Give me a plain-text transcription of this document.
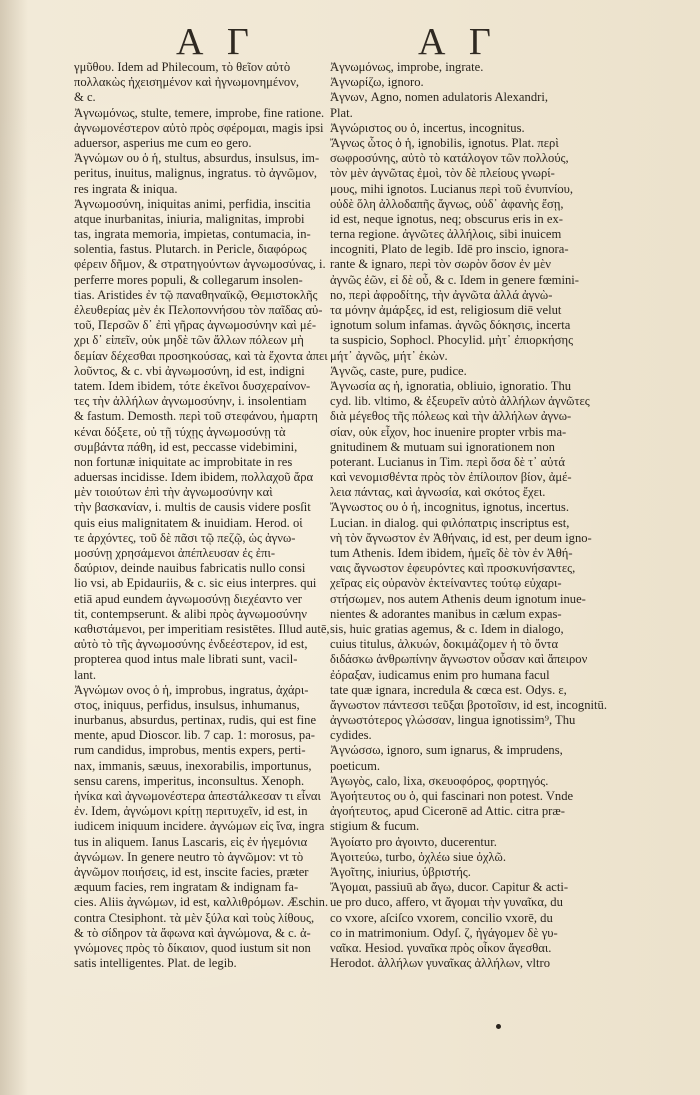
Α Γ	Α Γ
γμῦθου. Idem ad Philecoum, τὸ θεῖον αὐτὸ
πολλακὼς ἠχεισημένον καὶ ἠγνωμονημένον,
& c.
Ἀγνωμόνως, stulte, temere, improbe, fine ratione.
ἀγνωμονέστερον αὐτὸ πρὸς σφέρομαι, magis ipsi
aduersor, asperius me cum eo gero.
Ἀγνώμων ου ὁ ἡ, stultus, absurdus, insulsus, im-
peritus, inuitus, malignus, ingratus. τὸ ἀγνῶμον,
res ingrata & iniqua.
Ἀγνωμοσύνη, iniquitas animi, perfidia, inscitia
atque inurbanitas, iniuria, malignitas, improbi
tas, ingrata memoria, impietas, contumacia, in-
solentia, fastus. Plutarch. in Pericle, διαφόρως
φέρειν δῆμον, & στρατηγούντων ἀγνωμοσύνας, i.
perferre mores populi, & collegarum insolen-
tias. Aristides ἐν τῷ παναθηναϊκῷ, Θεμιστοκλῆς
ἐλευθερίας μὲν ἐκ Πελοποννήσου τὸν παῖδας αὐ-
τοῦ, Περσῶν δ᾽ ἐπὶ γῆρας ἀγνωμοσύνην καὶ μέ-
χρι δ᾽ εἰπεῖν, οὐκ μηδὲ τῶν ἄλλων πόλεων μὴ
δεμίαν δέχεσθαι προσηκούσας, καὶ τὰ ἔχοντα ἀπει
λοῦντος, & c. vbi ἀγνωμοσύνη, id est, indigni
tatem. Idem ibidem, τότε ἐκεῖνοι δυσχεραίνον-
τες τὴν ἀλλήλων ἀγνωμοσύνην, i. insolentiam
& fastum. Demosth. περὶ τοῦ στεφάνου, ἡμαρτη
κέναι δόξετε, οὐ τῇ τύχῃς ἀγνωμοσύνῃ τὰ
συμβάντα πάθη, id est, peccasse videbimini,
non fortunæ iniquitate ac improbitate in res
aduersas incidisse. Idem ibidem, πολλαχοῦ ἄρα
μὲν τοιούτων ἐπὶ τὴν ἀγνωμοσύνην καὶ
τὴν βασκανίαν, i. multis de causis videre posſit
quis eius malignitatem & inuidiam. Herod. οἱ
τε ἀρχόντες, τοῦ δὲ πᾶσι τῷ πεζῷ, ὡς ἀγνω-
μοσύνῃ χρησάμενοι ἀπέπλευσαν ἐς ἐπι-
δαύριον, deinde nauibus fabricatis nullo consi
lio vsi, ab Epidauriis, & c. sic eius interpres. qui
etiā apud eundem ἀγνωμοσύνῃ διεχέαντο ver
tit, contempserunt. & alibi πρὸς ἀγνωμοσύνην
καθιστάμενοι, per imperitiam resistētes. Illud autē,
αὐτὸ τὸ τῆς ἀγνωμοσύνης ἐνδεέστερον, id est,
propterea quod intus male librati sunt, vacil-
lant.
Ἀγνώμων ονος ὁ ἡ, improbus, ingratus, ἀχάρι-
στος, iniquus, perfidus, insulsus, inhumanus,
inurbanus, absurdus, pertinax, rudis, qui est fine
mente, apud Dioscor. lib. 7 cap. 1: morosus, pa-
rum candidus, improbus, mentis expers, perti-
nax, immanis, sæuus, inexorabilis, importunus,
sensu carens, imperitus, inconsultus. Xenoph.
ἠνίκα καὶ ἀγνωμονέστερα ἀπεστάλκεσαν τι εἶναι
ἐν. Idem, ἀγνώμονι κρίτῃ περιτυχεῖν, id est, in
iudicem iniquum incidere. ἀγνώμων εἰς ἵνα, ingra
tus in aliquem. Ianus Lascaris, εἰς ἐν ἡγεμόνια
ἀγνώμων. In genere neutro τὸ ἀγνῶμον: vt τὸ
ἀγνῶμον ποιήσεις, id est, inscite facies, præter
æquum facies, rem ingratam & indignam fa-
cies. Aliis ἀγνώμων, id est, καλλιθρόμων. Æschin.
contra Ctesiphont. τὰ μὲν ξύλα καὶ τοὺς λίθους,
& τὸ σίδηρον τὰ ἄφωνα καὶ ἀγνώμονα, & c. ἀ-
γνώμονες πρὸς τὸ δίκαιον, quod iustum sit non
satis intelligentes. Plat. de legib.
Ἀγνωμόνως, improbe, ingrate.
Ἀγνωρίζω, ignoro.
Ἀγνων, Agno, nomen adulatoris Alexandri,
Plat.
Ἀγνώριστος ου ὁ, incertus, incognitus.
Ἄγνως ὧτος ὁ ἡ, ignobilis, ignotus. Plat. περὶ
σωφροσύνης, αὐτὸ τὸ κατάλογον τῶν πολλούς,
τὸν μὲν ἀγνῶτας ἐμοὶ, τὸν δὲ πλείους γνωρί-
μους, mihi ignotos. Lucianus περὶ τοῦ ἐνυπνίου,
οὐδὲ ὅλη ἀλλοδαπῆς ἄγνως, οὐδ᾽ ἀφανὴς ἔσῃ,
id est, neque ignotus, neq; obscurus eris in ex-
terna regione. ἀγνῶτες ἀλλήλοις, sibi inuicem
incogniti, Plato de legib. Idē pro inscio, ignora-
rante & ignaro, περὶ τὸν σωρὸν ὅσον ἐν μὲν
ἀγνῶς ἐῶν, εἰ δὲ οὖ, & c. Idem in genere fœmini-
no, περὶ ἀφροδίτης, τὴν ἀγνῶτα ἀλλά ἀγνὼ-
τα μόνην ἀμάρξες, id est, religiosum diē velut
ignotum solum infamas. ἀγνῶς δόκησις, incerta
ta suspicio, Sophocl. Phocylid. μὴτ᾽ ἐπιορκήσης
μήτ᾽ ἀγνῶς, μήτ᾽ ἑκὼν.
Ἁγνῶς, caste, pure, pudice.
Ἀγνωσία ας ἡ, ignoratia, obliuio, ignoratio. Thu
cyd. lib. vltimo, & ἐξευρεῖν αὐτὸ ἀλλήλων ἀγνῶτες
διὰ μέγεθος τῆς πόλεως καὶ τὴν ἀλλήλων ἀγνω-
σίαν, οὐκ εἶχον, hoc inuenire propter vrbis ma-
gnitudinem & mutuam sui ignorationem non
poterant. Lucianus in Tim. περὶ ὅσα δὲ τ᾽ αὐτά
καὶ νενομισθέντα πρὸς τὸν ἐπίλοιπον βίον, ἀμέ-
λεια πάντας, καὶ ἀγνωσία, καὶ σκότος ἔχει.
Ἄγνωστος ου ὁ ἡ, incognitus, ignotus, incertus.
Lucian. in dialog. qui φιλόπατρις inscriptus est,
νὴ τὸν ἄγνωστον ἐν Ἀθήναις, id est, per deum igno-
tum Athenis. Idem ibidem, ἡμεῖς δὲ τὸν ἐν Ἀθή-
ναις ἄγνωστον ἐφευρόντες καὶ προσκυνήσαντες,
χεῖρας εἰς οὐρανὸν ἐκτείναντες τούτῳ εὐχαρι-
στήσωμεν, nos autem Athenis deum ignotum inue-
nientes & adorantes manibus in cælum expas-
sis, huic gratias agemus, & c. Idem in dialogo,
cuius titulus, ἀλκυών, δοκιμάζομεν ἡ τὸ ὄντα
διδάσκω ἀνθρωπίνην ἄγνωστον οὖσαν καὶ ἄπειρον
ἐόραξαν, iudicamus enim pro humana facul
tate quæ ignara, incredula & cœca est. Odys. ε,
ἄγνωστον πάντεσσι τεῦξαι βροτοῖσιν, id est, incognitū.
ἀγνωστότερος γλώσσαν, lingua ignotissim⁹, Thu
cydides.
Ἀγνώσσω, ignoro, sum ignarus, & imprudens,
poeticum.
Ἀγωγὸς, calo, lixa, σκευοφόρος, φορτηγός.
Ἀγοήτευτος ου ὁ, qui fascinari non potest. Vnde
ἀγοήτευτος, apud Ciceronē ad Attic. citra præ-
stigium & fucum.
Ἀγοίατο pro ἀγοιντο, ducerentur.
Ἀγοιτεύω, turbo, ὀχλέω siue ὀχλῶ.
Ἀγοῖτης, iniurius, ὑβριστής.
Ἄγομαι, passiuū ab ἄγω, ducor. Capitur & acti-
ue pro duco, affero, vt ἄγομαι τὴν γυναῖκα, du
co vxore, aſciſco vxorem, concilio vxorē, du
co in matrimonium. Odyſ. ζ, ἠγάγομεν δὲ γυ-
ναῖκα. Hesiod. γυναῖκα πρὸς οἶκον ἄγεσθαι.
Herodot. ἀλλήλων γυναῖκας ἀλλήλων, vltro
